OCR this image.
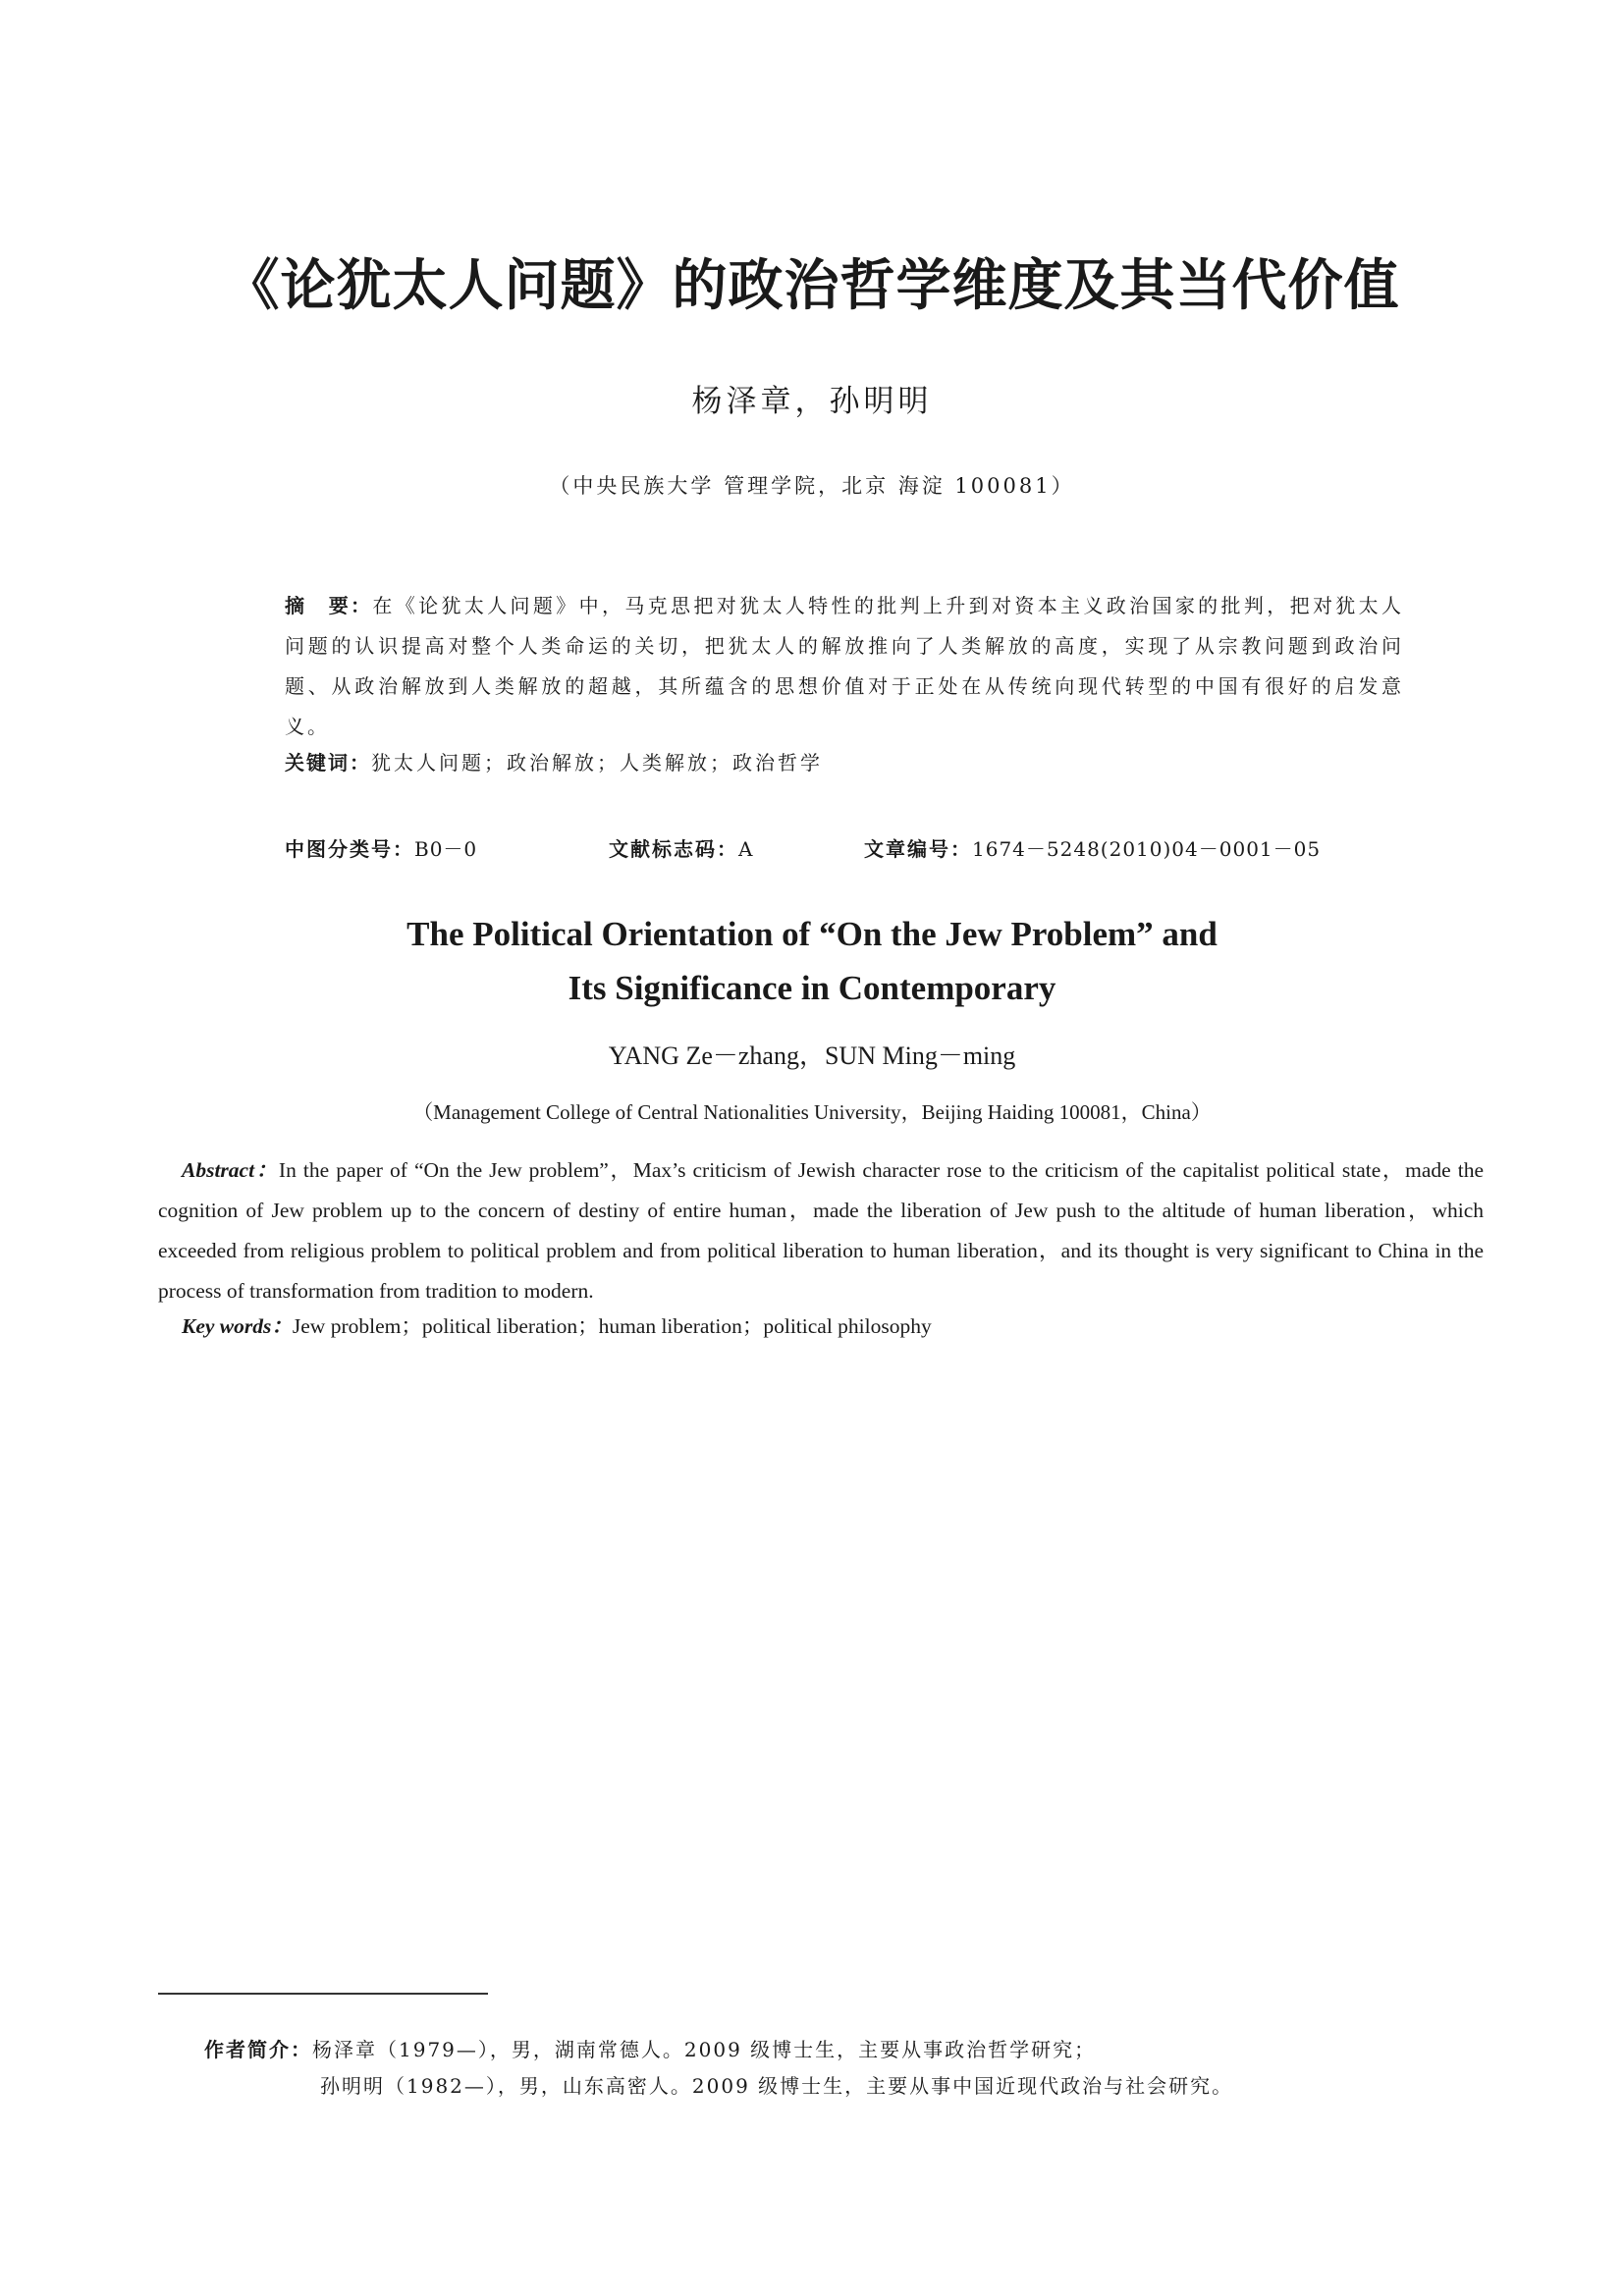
《论犹太人问题》的政治哲学维度及其当代价值
杨泽章，孙明明
（中央民族大学 管理学院，北京 海淀 100081）
摘　要：在《论犹太人问题》中，马克思把对犹太人特性的批判上升到对资本主义政治国家的批判，把对犹太人问题的认识提高对整个人类命运的关切，把犹太人的解放推向了人类解放的高度，实现了从宗教问题到政治问题、从政治解放到人类解放的超越，其所蕴含的思想价值对于正处在从传统向现代转型的中国有很好的启发意义。
关键词：犹太人问题；政治解放；人类解放；政治哲学
中图分类号：B0－0	文献标志码：A	文章编号：1674－5248(2010)04－0001－05
The Political Orientation of “On the Jew Problem” and
Its Significance in Contemporary
YANG Ze－zhang，SUN Ming－ming
（Management College of Central Nationalities University，Beijing Haiding 100081，China）
Abstract：In the paper of “On the Jew problem”，Max’s criticism of Jewish character rose to the criticism of the capitalist political state，made the cognition of Jew problem up to the concern of destiny of entire human，made the liberation of Jew push to the altitude of human liberation，which exceeded from religious problem to political problem and from political liberation to human liberation，and its thought is very significant to China in the process of transformation from tradition to modern.
Key words：Jew problem；political liberation；human liberation；political philosophy
作者简介：杨泽章（1979—），男，湖南常德人。2009 级博士生，主要从事政治哲学研究；
孙明明（1982—），男，山东高密人。2009 级博士生，主要从事中国近现代政治与社会研究。
